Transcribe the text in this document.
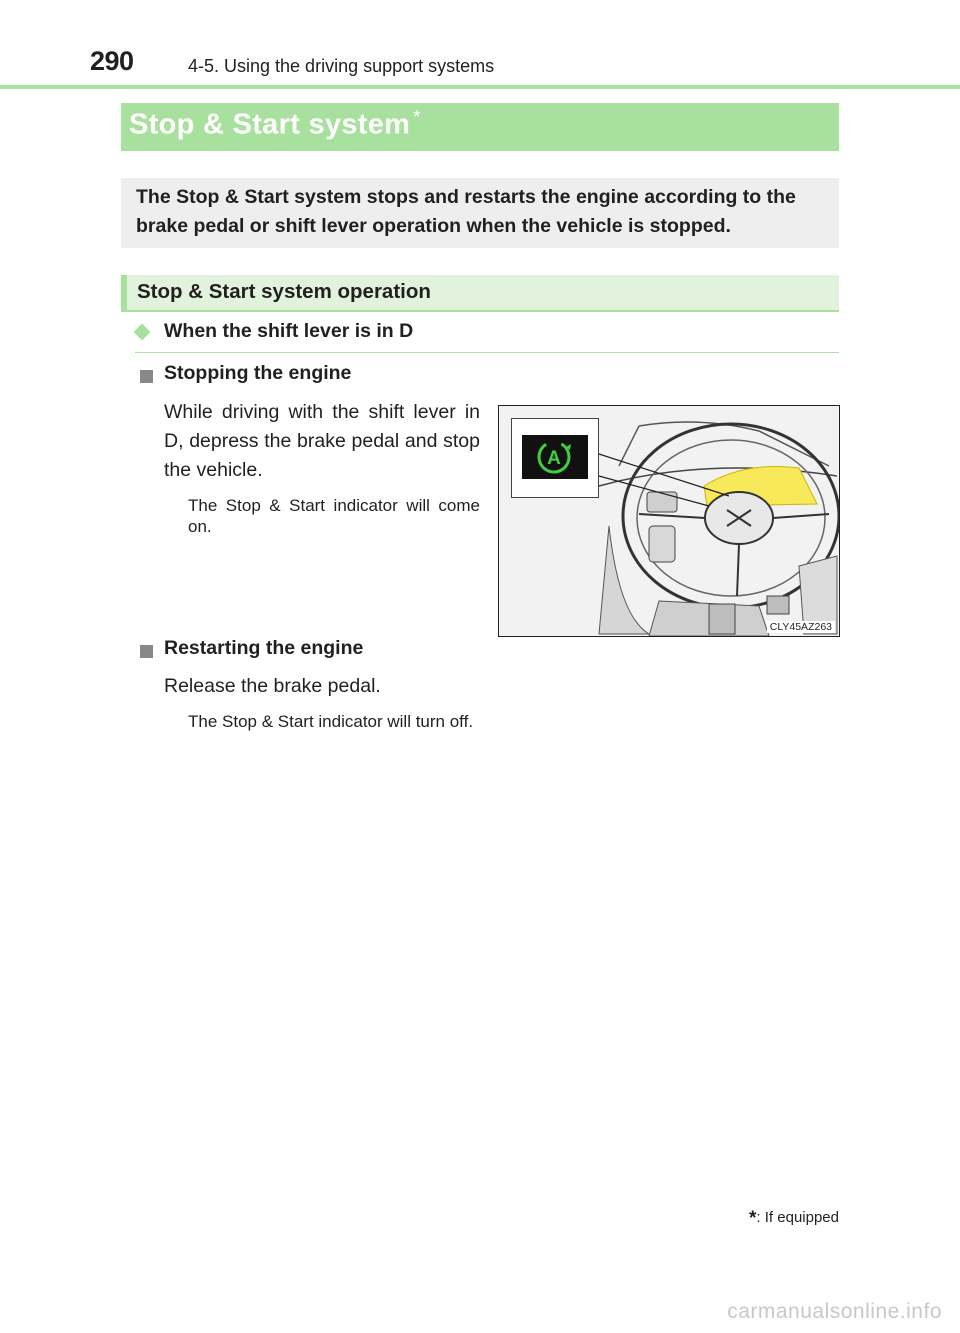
290	4-5. Using the driving support systems
Stop & Start system *
The Stop & Start system stops and restarts the engine according to the brake pedal or shift lever operation when the vehicle is stopped.
Stop & Start system operation
When the shift lever is in D
Stopping the engine
While driving with the shift lever in D, depress the brake pedal and stop the vehicle.
The Stop & Start indicator will come on.
A
CLY45AZ263
Restarting the engine
Release the brake pedal.
The Stop & Start indicator will turn off.
*: If equipped
carmanualsonline.info
